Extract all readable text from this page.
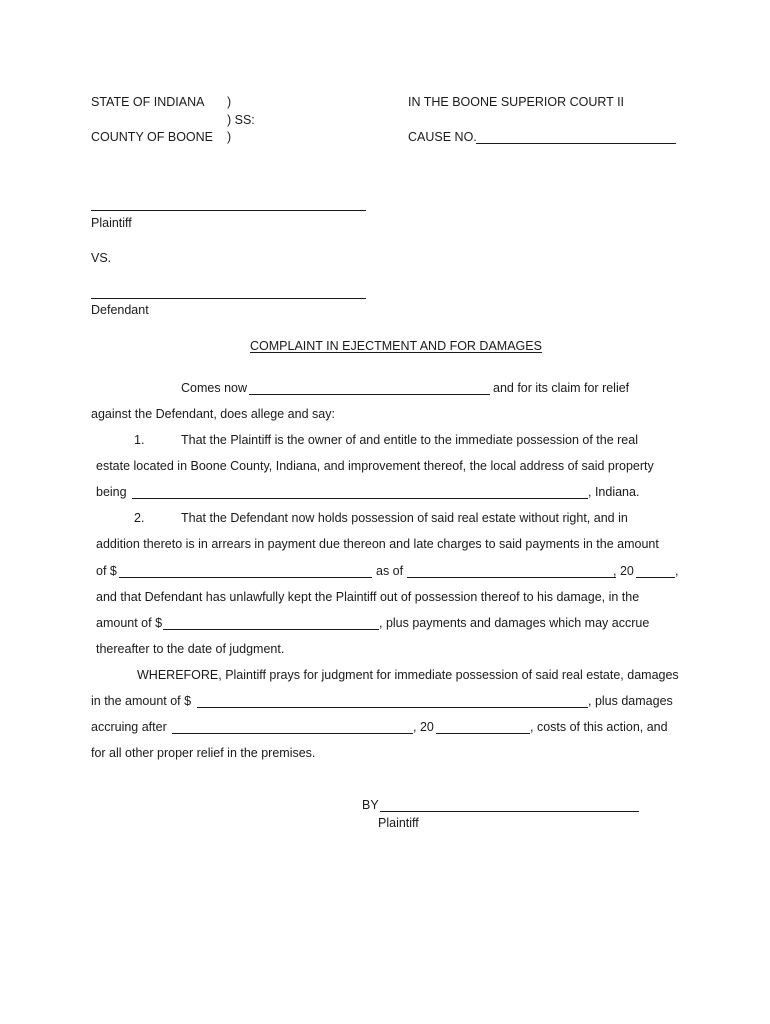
STATE OF INDIANA )
) SS:
COUNTY OF BOONE )
IN THE BOONE SUPERIOR COURT II
CAUSE NO.
Plaintiff
VS.
Defendant
COMPLAINT IN EJECTMENT AND FOR DAMAGES
Comes now	and for its claim for relief
against the Defendant, does allege and say:
1.	That the Plaintiff is the owner of and entitle to the immediate possession of the real
estate located in Boone County, Indiana, and improvement thereof, the local address of said property
being	, Indiana.
2.	That the Defendant now holds possession of said real estate without right, and in
addition thereto is in arrears in payment due thereon and late charges to said payments in the amount
of $	as of	, 20	,
and that Defendant has unlawfully kept the Plaintiff out of possession thereof to his damage, in the
amount of $	, plus payments and damages which may accrue
thereafter to the date of judgment.
WHEREFORE, Plaintiff prays for judgment for immediate possession of said real estate, damages
in the amount of $	, plus damages
accruing after	, 20	, costs of this action, and
for all other proper relief in the premises.
BY
Plaintiff
